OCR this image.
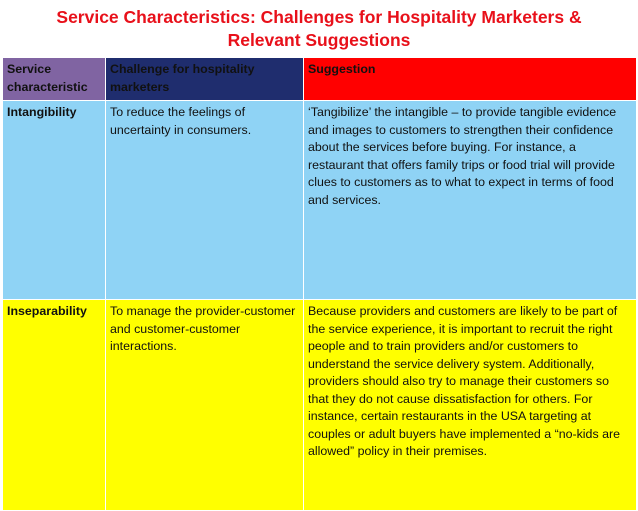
Service Characteristics: Challenges for Hospitality Marketers &
Relevant Suggestions
Service characteristic	Challenge for hospitality marketers	Suggestion
Intangibility	To reduce the feelings of uncertainty in consumers.	‘Tangibilize’ the intangible – to provide tangible evidence and images to customers to strengthen their confidence about the services before buying. For instance, a restaurant that offers family trips or food trial will provide clues to customers as to what to expect in terms of food and services.
Inseparability	To manage the provider-customer and customer-customer interactions.	Because providers and customers are likely to be part of the service experience, it is important to recruit the right people and to train providers and/or customers to understand the service delivery system. Additionally, providers should also try to manage their customers so that they do not cause dissatisfaction for others. For instance, certain restaurants in the USA targeting at couples or adult buyers have implemented a “no-kids are allowed” policy in their premises.
